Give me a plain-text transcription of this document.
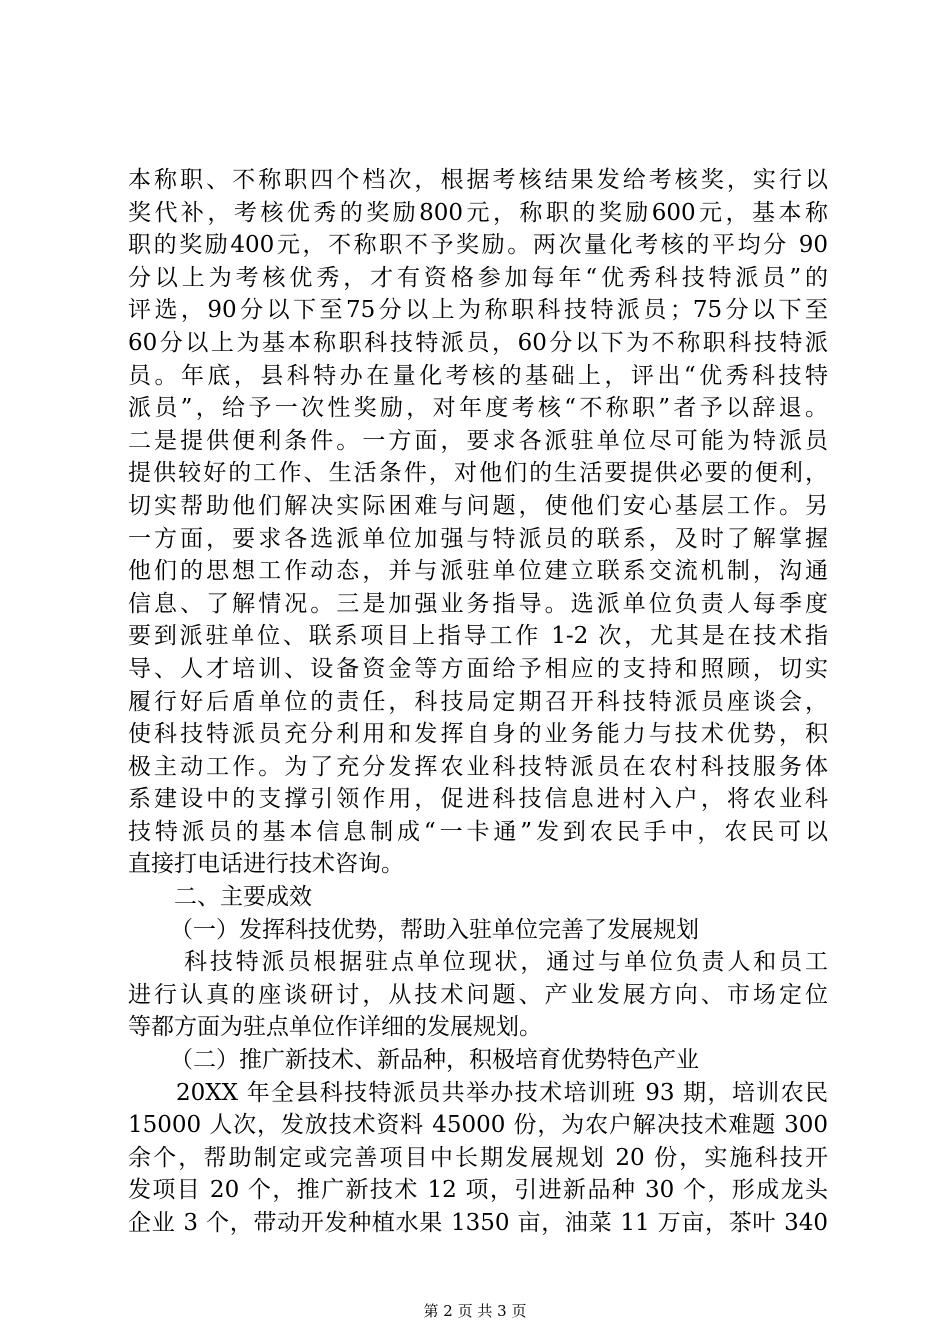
本称职、不称职四个档次，根据考核结果发给考核奖，实行以
奖代补，考核优秀的奖励800元，称职的奖励600元，基本称
职的奖励400元，不称职不予奖励。两次量化考核的平均分 90
分以上为考核优秀，才有资格参加每年“优秀科技特派员”的
评选，90分以下至75分以上为称职科技特派员；75分以下至
60分以上为基本称职科技特派员，60分以下为不称职科技特派
员。年底，县科特办在量化考核的基础上，评出“优秀科技特
派员”，给予一次性奖励，对年度考核“不称职”者予以辞退。
二是提供便利条件。一方面，要求各派驻单位尽可能为特派员
提供较好的工作、生活条件，对他们的生活要提供必要的便利，
切实帮助他们解决实际困难与问题，使他们安心基层工作。另
一方面，要求各选派单位加强与特派员的联系，及时了解掌握
他们的思想工作动态，并与派驻单位建立联系交流机制，沟通
信息、了解情况。三是加强业务指导。选派单位负责人每季度
要到派驻单位、联系项目上指导工作 1-2 次，尤其是在技术指
导、人才培训、设备资金等方面给予相应的支持和照顾，切实
履行好后盾单位的责任，科技局定期召开科技特派员座谈会，
使科技特派员充分利用和发挥自身的业务能力与技术优势，积
极主动工作。为了充分发挥农业科技特派员在农村科技服务体
系建设中的支撑引领作用，促进科技信息进村入户，将农业科
技特派员的基本信息制成“一卡通”发到农民手中，农民可以
直接打电话进行技术咨询。
二、主要成效
（一）发挥科技优势，帮助入驻单位完善了发展规划
科技特派员根据驻点单位现状，通过与单位负责人和员工
进行认真的座谈研讨，从技术问题、产业发展方向、市场定位
等都方面为驻点单位作详细的发展规划。
（二）推广新技术、新品种，积极培育优势特色产业
20XX 年全县科技特派员共举办技术培训班 93 期，培训农民
15000 人次，发放技术资料 45000 份，为农户解决技术难题 300
余个，帮助制定或完善项目中长期发展规划 20 份，实施科技开
发项目 20 个，推广新技术 12 项，引进新品种 30 个，形成龙头
企业 3 个，带动开发种植水果 1350 亩，油菜 11 万亩，茶叶 340
第 2 页 共 3 页
